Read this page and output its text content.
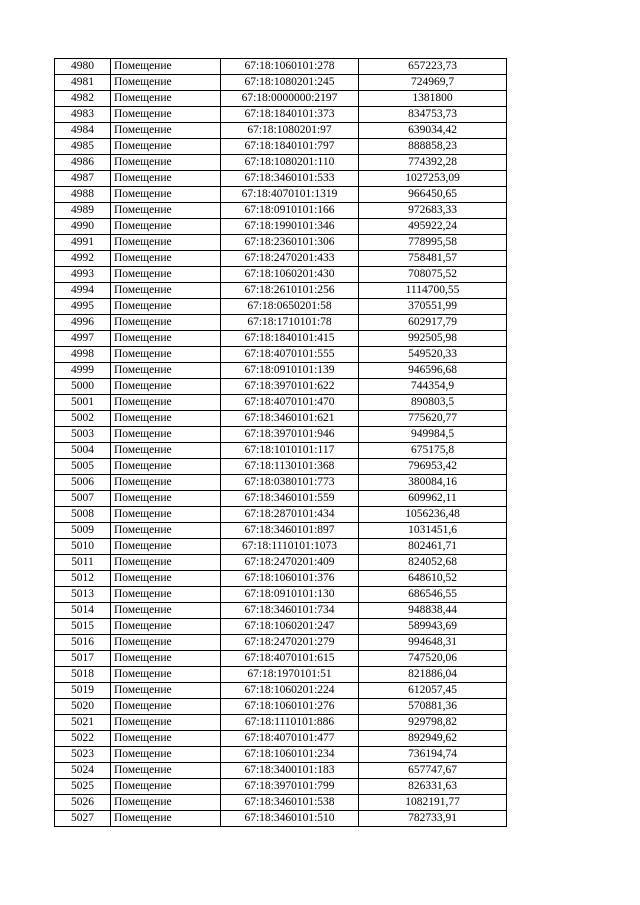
4980	Помещение	67:18:1060101:278	657223,73
4981	Помещение	67:18:1080201:245	724969,7
4982	Помещение	67:18:0000000:2197	1381800
4983	Помещение	67:18:1840101:373	834753,73
4984	Помещение	67:18:1080201:97	639034,42
4985	Помещение	67:18:1840101:797	888858,23
4986	Помещение	67:18:1080201:110	774392,28
4987	Помещение	67:18:3460101:533	1027253,09
4988	Помещение	67:18:4070101:1319	966450,65
4989	Помещение	67:18:0910101:166	972683,33
4990	Помещение	67:18:1990101:346	495922,24
4991	Помещение	67:18:2360101:306	778995,58
4992	Помещение	67:18:2470201:433	758481,57
4993	Помещение	67:18:1060201:430	708075,52
4994	Помещение	67:18:2610101:256	1114700,55
4995	Помещение	67:18:0650201:58	370551,99
4996	Помещение	67:18:1710101:78	602917,79
4997	Помещение	67:18:1840101:415	992505,98
4998	Помещение	67:18:4070101:555	549520,33
4999	Помещение	67:18:0910101:139	946596,68
5000	Помещение	67:18:3970101:622	744354,9
5001	Помещение	67:18:4070101:470	890803,5
5002	Помещение	67:18:3460101:621	775620,77
5003	Помещение	67:18:3970101:946	949984,5
5004	Помещение	67:18:1010101:117	675175,8
5005	Помещение	67:18:1130101:368	796953,42
5006	Помещение	67:18:0380101:773	380084,16
5007	Помещение	67:18:3460101:559	609962,11
5008	Помещение	67:18:2870101:434	1056236,48
5009	Помещение	67:18:3460101:897	1031451,6
5010	Помещение	67:18:1110101:1073	802461,71
5011	Помещение	67:18:2470201:409	824052,68
5012	Помещение	67:18:1060101:376	648610,52
5013	Помещение	67:18:0910101:130	686546,55
5014	Помещение	67:18:3460101:734	948838,44
5015	Помещение	67:18:1060201:247	589943,69
5016	Помещение	67:18:2470201:279	994648,31
5017	Помещение	67:18:4070101:615	747520,06
5018	Помещение	67:18:1970101:51	821886,04
5019	Помещение	67:18:1060201:224	612057,45
5020	Помещение	67:18:1060101:276	570881,36
5021	Помещение	67:18:1110101:886	929798,82
5022	Помещение	67:18:4070101:477	892949,62
5023	Помещение	67:18:1060101:234	736194,74
5024	Помещение	67:18:3400101:183	657747,67
5025	Помещение	67:18:3970101:799	826331,63
5026	Помещение	67:18:3460101:538	1082191,77
5027	Помещение	67:18:3460101:510	782733,91
